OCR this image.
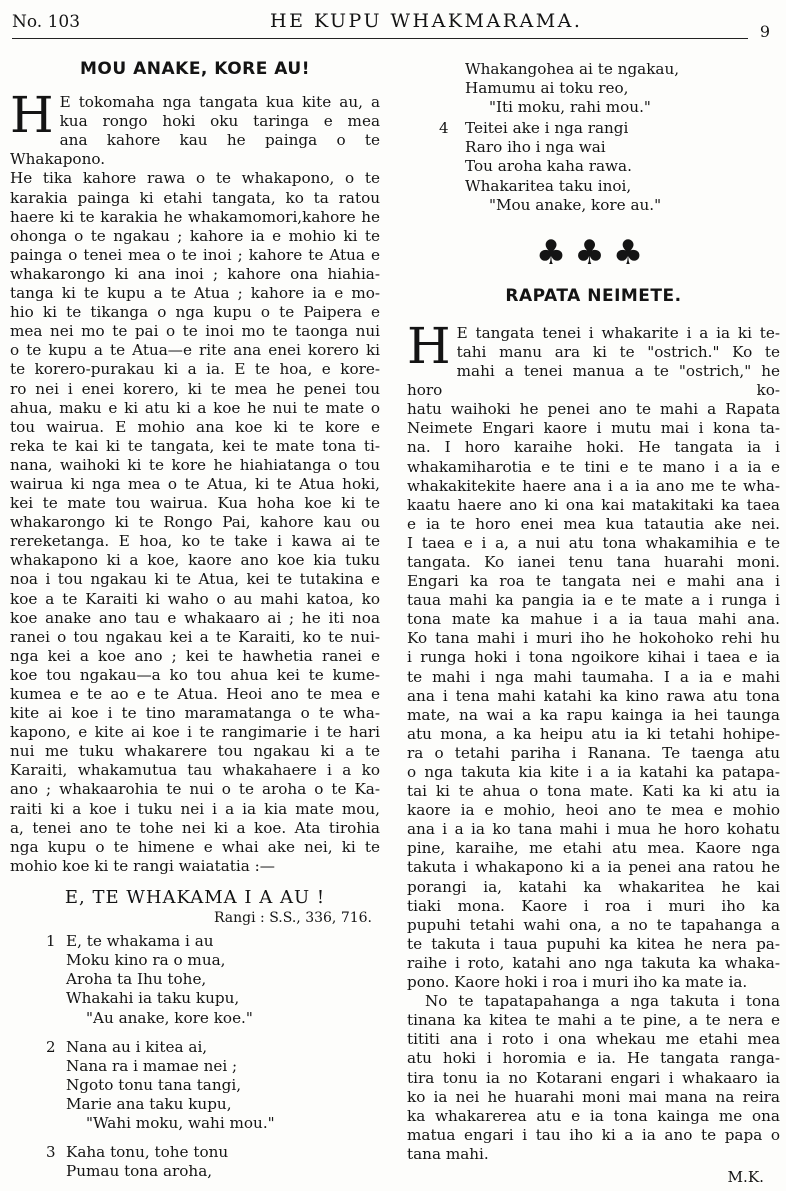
No. 103	HE KUPU WHAKMARAMA.	9
MOU ANAKE, KORE AU!
H E tokomaha nga tangata kua kite au, a
kua rongo hoki oku taringa e mea
ana kahore kau he painga o te Whakapono.
He tika kahore rawa o te whakapono, o te
karakia painga ki etahi tangata, ko ta ratou
haere ki te karakia he whakamomori,kahore he
ohonga o te ngakau ; kahore ia e mohio ki te
painga o tenei mea o te inoi ; kahore te Atua e
whakarongo ki ana inoi ; kahore ona hiahia-
tanga ki te kupu a te Atua ; kahore ia e mo-
hio ki te tikanga o nga kupu o te Paipera e
mea nei mo te pai o te inoi mo te taonga nui
o te kupu a te Atua—e rite ana enei korero ki
te korero-purakau ki a ia. E te hoa, e kore-
ro nei i enei korero, ki te mea he penei tou
ahua, maku e ki atu ki a koe he nui te mate o
tou wairua. E mohio ana koe ki te kore e
reka te kai ki te tangata, kei te mate tona ti-
nana, waihoki ki te kore he hiahiatanga o tou
wairua ki nga mea o te Atua, ki te Atua hoki,
kei te mate tou wairua. Kua hoha koe ki te
whakarongo ki te Rongo Pai, kahore kau ou
rereketanga. E hoa, ko te take i kawa ai te
whakapono ki a koe, kaore ano koe kia tuku
noa i tou ngakau ki te Atua, kei te tutakina e
koe a te Karaiti ki waho o au mahi katoa, ko
koe anake ano tau e whakaaro ai ; he iti noa
ranei o tou ngakau kei a te Karaiti, ko te nui-
nga kei a koe ano ; kei te hawhetia ranei e
koe tou ngakau—a ko tou ahua kei te kume-
kumea e te ao e te Atua. Heoi ano te mea e
kite ai koe i te tino maramatanga o te wha-
kapono, e kite ai koe i te rangimarie i te hari
nui me tuku whakarere tou ngakau ki a te
Karaiti, whakamutua tau whakahaere i a ko
ano ; whakaarohia te nui o te aroha o te Ka-
raiti ki a koe i tuku nei i a ia kia mate mou,
a, tenei ano te tohe nei ki a koe. Ata tirohia
nga kupu o te himene e whai ake nei, ki te
mohio koe ki te rangi waiatatia :—
E, TE WHAKAMA I A AU !
Rangi : S.S., 336, 716.
1 E, te whakama i au
Moku kino ra o mua,
Aroha ta Ihu tohe,
Whakahi ia taku kupu,
"Au anake, kore koe."
2 Nana au i kitea ai,
Nana ra i mamae nei ;
Ngoto tonu tana tangi,
Marie ana taku kupu,
"Wahi moku, wahi mou."
3 Kaha tonu, tohe tonu
Pumau tona aroha,
Whakangohea ai te ngakau,
Hamumu ai toku reo,
"Iti moku, rahi mou."
4	Teitei ake i nga rangi
Raro iho i nga wai
Tou aroha kaha rawa.
Whakaritea taku inoi,
"Mou anake, kore au."
♣♣♣
RAPATA NEIMETE.
H E tangata tenei i whakarite i a ia ki te-
tahi manu ara ki te "ostrich." Ko te
mahi a tenei manua a te "ostrich," he horo ko-
hatu waihoki he penei ano te mahi a Rapata
Neimete Engari kaore i mutu mai i kona ta-
na. I horo karaihe hoki. He tangata ia i
whakamiharotia e te tini e te mano i a ia e
whakakitekite haere ana i a ia ano me te wha-
kaatu haere ano ki ona kai matakitaki ka taea
e ia te horo enei mea kua tatautia ake nei.
I taea e i a, a nui atu tona whakamihia e te
tangata. Ko ianei tenu tana huarahi moni.
Engari ka roa te tangata nei e mahi ana i
taua mahi ka pangia ia e te mate a i runga i
tona mate ka mahue i a ia taua mahi ana.
Ko tana mahi i muri iho he hokohoko rehi hu
i runga hoki i tona ngoikore kihai i taea e ia
te mahi i nga mahi taumaha. I a ia e mahi
ana i tena mahi katahi ka kino rawa atu tona
mate, na wai a ka rapu kainga ia hei taunga
atu mona, a ka heipu atu ia ki tetahi hohipe-
ra o tetahi pariha i Ranana. Te taenga atu
o nga takuta kia kite i a ia katahi ka patapa-
tai ki te ahua o tona mate. Kati ka ki atu ia
kaore ia e mohio, heoi ano te mea e mohio
ana i a ia ko tana mahi i mua he horo kohatu
pine, karaihe, me etahi atu mea. Kaore nga
takuta i whakapono ki a ia penei ana ratou he
porangi ia, katahi ka whakaritea he kai
tiaki mona. Kaore i roa i muri iho ka
pupuhi tetahi wahi ona, a no te tapahanga a
te takuta i taua pupuhi ka kitea he nera pa-
raihe i roto, katahi ano nga takuta ka whaka-
pono. Kaore hoki i roa i muri iho ka mate ia.
No te tapatapahanga a nga takuta i tona
tinana ka kitea te mahi a te pine, a te nera e
tititi ana i roto i ona whekau me etahi mea
atu hoki i horomia e ia. He tangata ranga-
tira tonu ia no Kotarani engari i whakaaro ia
ko ia nei he huarahi moni mai mana na reira
ka whakarerea atu e ia tona kainga me ona
matua engari i tau iho ki a ia ano te papa o
tana mahi.
M.K.
